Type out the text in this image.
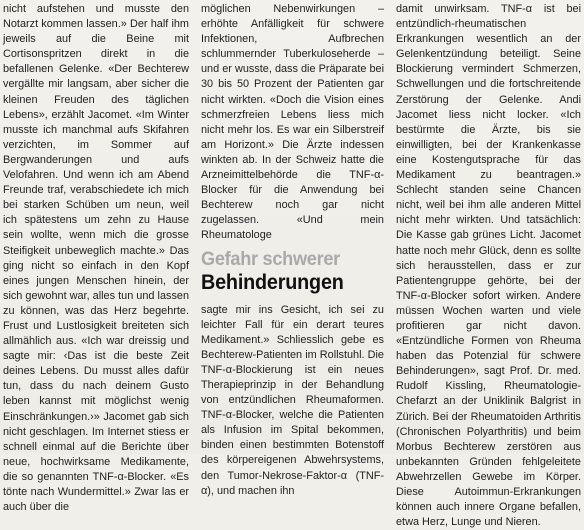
nicht aufstehen und musste den Notarzt kommen lassen.» Der half ihm jeweils auf die Beine mit Cortisonspritzen direkt in die befallenen Gelenke. «Der Bechterew vergällte mir langsam, aber sicher die kleinen Freuden des täglichen Lebens», erzählt Jacomet. «Im Winter musste ich manchmal aufs Skifahren verzichten, im Sommer auf Bergwanderungen und aufs Velofahren. Und wenn ich am Abend Freunde traf, verabschiedete ich mich bei starken Schüben um neun, weil ich spätestens um zehn zu Hause sein wollte, wenn mich die grosse Steifigkeit unbeweglich machte.» Das ging nicht so einfach in den Kopf eines jungen Menschen hinein, der sich gewohnt war, alles tun und lassen zu können, was das Herz begehrte. Frust und Lustlosigkeit breiteten sich allmählich aus. «Ich war dreissig und sagte mir: ‹Das ist die beste Zeit deines Lebens. Du musst alles dafür tun, dass du nach deinem Gusto leben kannst mit möglichst wenig Einschränkungen.›» Jacomet gab sich nicht geschlagen. Im Internet stiess er schnell einmal auf die Berichte über neue, hochwirksame Medikamente, die so genannten TNF-α-Blocker. «Es tönte nach Wundermittel.» Zwar las er auch über die

möglichen Nebenwirkungen – erhöhte Anfälligkeit für schwere Infektionen, Aufbrechen schlummernder Tuberkuloseherde – und er wusste, dass die Präparate bei 30 bis 50 Prozent der Patienten gar nicht wirkten. «Doch die Vision eines schmerzfreien Lebens liess mich nicht mehr los. Es war ein Silberstreif am Horizont.» Die Ärzte indessen winkten ab. In der Schweiz hatte die Arzneimittelbehörde die TNF-α-Blocker für die Anwendung bei Bechterew noch gar nicht zugelassen. «Und mein Rheumatologe

Gefahr schwerer
Behinderungen

sagte mir ins Gesicht, ich sei zu leichter Fall für ein derart teures Medikament.» Schliesslich gebe es Bechterew-Patienten im Rollstuhl. Die TNF-α-Blockierung ist ein neues Therapieprinzip in der Behandlung von entzündlichen Rheumaformen. TNF-α-Blocker, welche die Patienten als Infusion im Spital bekommen, binden einen bestimmten Botenstoff des körpereigenen Abwehrsystems, den Tumor-Nekrose-Faktor-α (TNF-α), und machen ihn

damit unwirksam. TNF-α ist bei entzündlich-rheumatischen Erkrankungen wesentlich an der Gelenkentzündung beteiligt. Seine Blockierung vermindert Schmerzen, Schwellungen und die fortschreitende Zerstörung der Gelenke. Andi Jacomet liess nicht locker. «Ich bestürmte die Ärzte, bis sie einwilligten, bei der Krankenkasse eine Kostengutsprache für das Medikament zu beantragen.» Schlecht standen seine Chancen nicht, weil bei ihm alle anderen Mittel nicht mehr wirkten. Und tatsächlich: Die Kasse gab grünes Licht. Jacomet hatte noch mehr Glück, denn es sollte sich herausstellen, dass er zur Patientengruppe gehörte, bei der TNF-α-Blocker sofort wirken. Andere müssen Wochen warten und viele profitieren gar nicht davon. «Entzündliche Formen von Rheuma haben das Potenzial für schwere Behinderungen», sagt Prof. Dr. med. Rudolf Kissling, Rheumatologie-Chefarzt an der Uniklinik Balgrist in Zürich. Bei der Rheumatoiden Arthritis (Chronischen Polyarthritis) und beim Morbus Bechterew zerstören aus unbekannten Gründen fehlgeleitete Abwehrzellen Gewebe im Körper. Diese Autoimmun-Erkrankungen können auch innere Organe befallen, etwa Herz, Lunge und Nieren.
